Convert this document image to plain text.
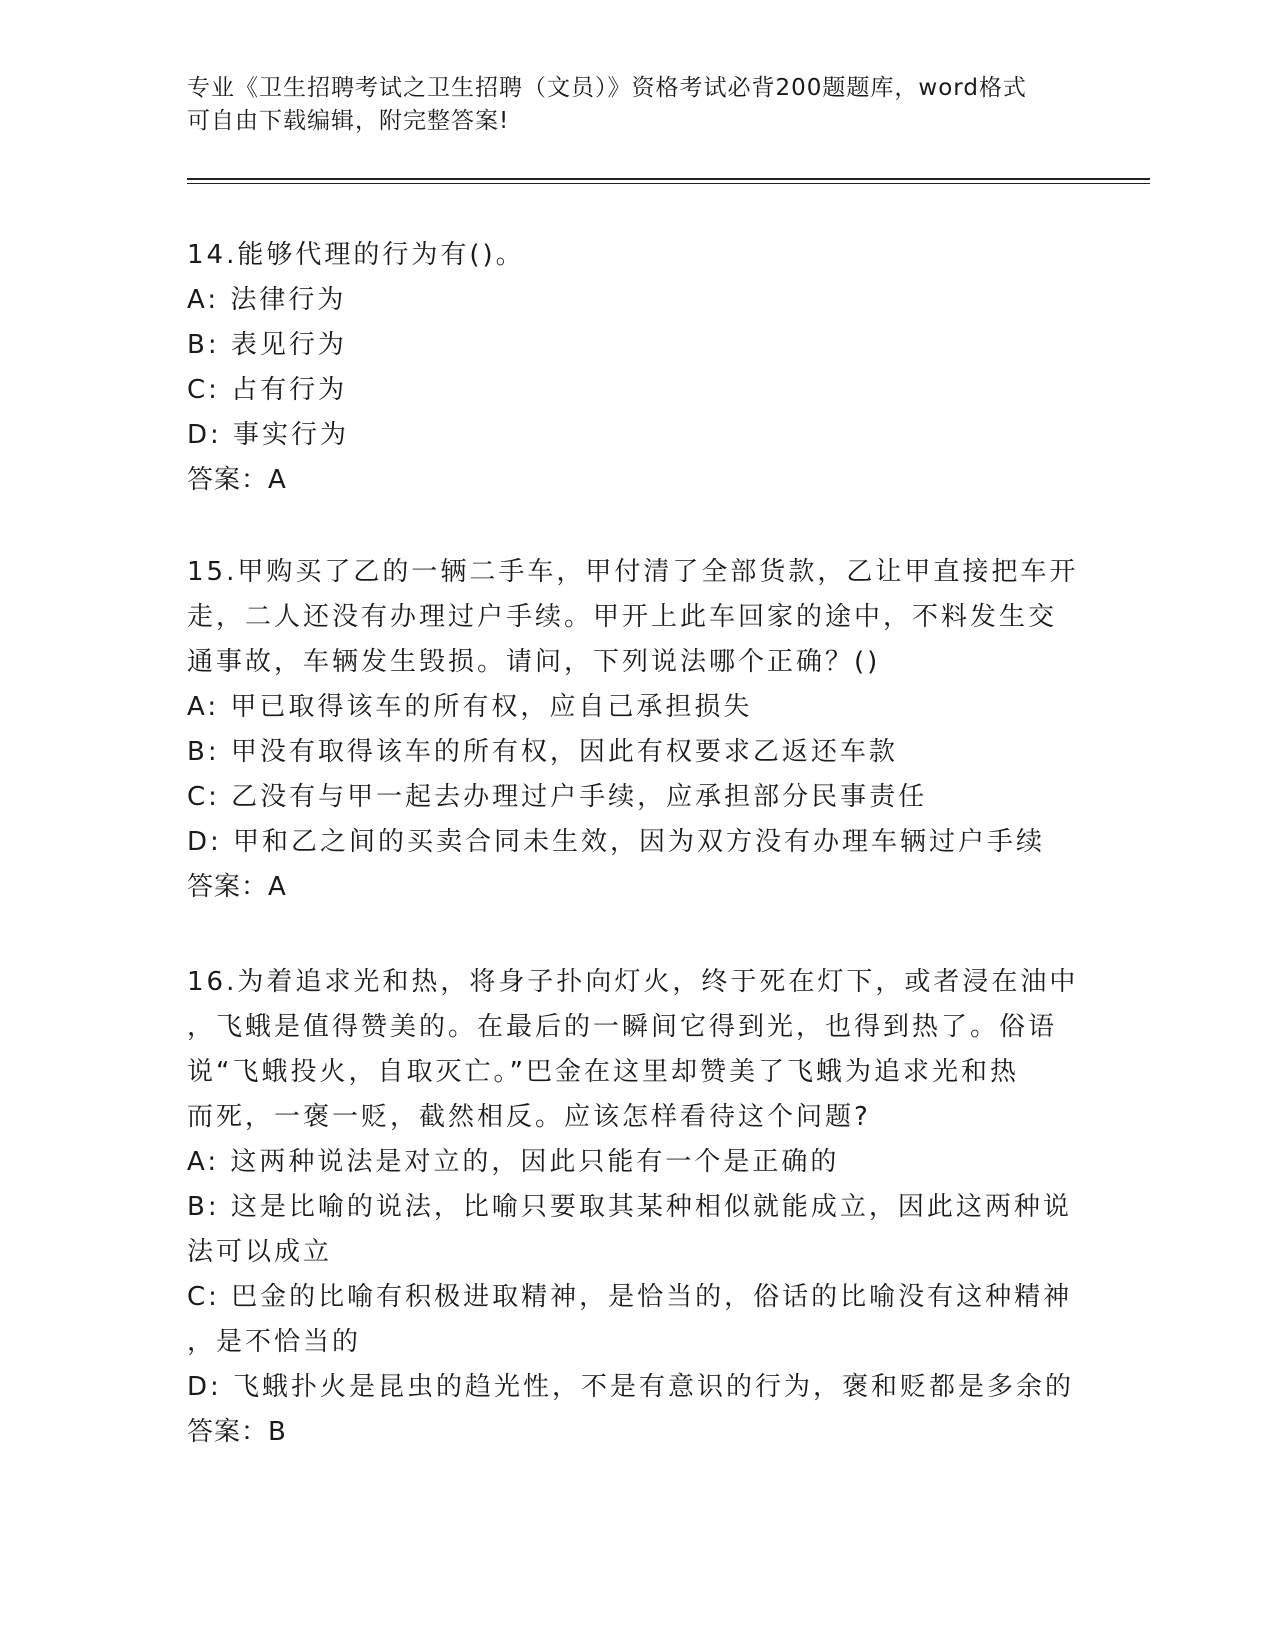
专业《卫生招聘考试之卫生招聘（文员）》资格考试必背200题题库，word格式
可自由下载编辑，附完整答案!
14.能够代理的行为有()。
A: 法律行为
B: 表见行为
C: 占有行为
D: 事实行为
答案：A
15.甲购买了乙的一辆二手车，甲付清了全部货款，乙让甲直接把车开
走，二人还没有办理过户手续。甲开上此车回家的途中，不料发生交
通事故，车辆发生毁损。请问，下列说法哪个正确？()
A: 甲已取得该车的所有权，应自己承担损失
B: 甲没有取得该车的所有权，因此有权要求乙返还车款
C: 乙没有与甲一起去办理过户手续，应承担部分民事责任
D: 甲和乙之间的买卖合同未生效，因为双方没有办理车辆过户手续
答案：A
16.为着追求光和热，将身子扑向灯火，终于死在灯下，或者浸在油中
，飞蛾是值得赞美的。在最后的一瞬间它得到光，也得到热了。俗语
说“飞蛾投火，自取灭亡。”巴金在这里却赞美了飞蛾为追求光和热
而死，一褒一贬，截然相反。应该怎样看待这个问题?
A: 这两种说法是对立的，因此只能有一个是正确的
B: 这是比喻的说法，比喻只要取其某种相似就能成立，因此这两种说
法可以成立
C: 巴金的比喻有积极进取精神，是恰当的，俗话的比喻没有这种精神
，是不恰当的
D: 飞蛾扑火是昆虫的趋光性，不是有意识的行为，褒和贬都是多余的
答案：B
